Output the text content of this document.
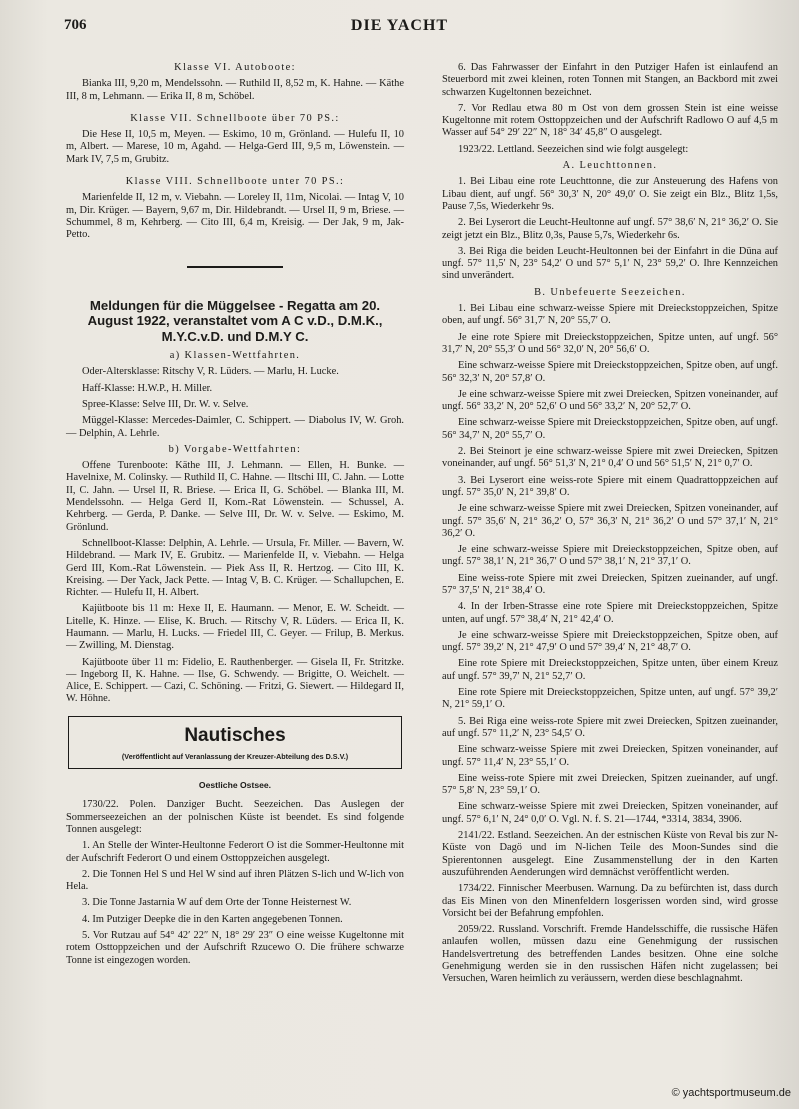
706	DIE YACHT

Klasse VI. Autoboote:

Bianka III, 9,20 m, Mendelssohn. — Ruthild II, 8,52 m, K. Hahne. — Käthe III, 8 m, Lehmann. — Erika II, 8 m, Schöbel.

Klasse VII. Schnellboote über 70 PS.:

Die Hese II, 10,5 m, Meyen. — Eskimo, 10 m, Grönland. — Hulefu II, 10 m, Albert. — Marese, 10 m, Agahd. — Helga-Gerd III, 9,5 m, Löwenstein. — Mark IV, 7,5 m, Grubitz.

Klasse VIII. Schnellboote unter 70 PS.:

Marienfelde II, 12 m, v. Viebahn. — Loreley II, 11m, Nicolai. — Intag V, 10 m, Dir. Krüger. — Bayern, 9,67 m, Dir. Hildebrandt. — Ursel II, 9 m, Briese. — Schummel, 8 m, Kehrberg. — Cito III, 6,4 m, Kreisig. — Der Jak, 9 m, Jak-Petto.

Meldungen für die Müggelsee - Regatta am 20. August 1922, veranstaltet vom A C v.D., D.M.K., M.Y.C.v.D. und D.M.Y C.

a) Klassen-Wettfahrten.

Oder-Altersklasse: Ritschy V, R. Lüders. — Marlu, H. Lucke.

Haff-Klasse: H.W.P., H. Miller.

Spree-Klasse: Selve III, Dr. W. v. Selve.

Müggel-Klasse: Mercedes-Daimler, C. Schippert. — Diabolus IV, W. Groh. — Delphin, A. Lehrle.

b) Vorgabe-Wettfahrten:

Offene Turenboote: Käthe III, J. Lehmann. — Ellen, H. Bunke. — Havelnixe, M. Colinsky. — Ruthild II, C. Hahne. — Iltschi III, C. Jahn. — Lotte II, C. Jahn. — Ursel II, R. Briese. — Erica II, G. Schöbel. — Blanka III, M. Mendelssohn. — Helga Gerd II, Kom.-Rat Löwenstein. — Schussel, A. Kehrberg. — Gerda, P. Danke. — Selve III, Dr. W. v. Selve. — Eskimo, M. Grönlund.

Schnellboot-Klasse: Delphin, A. Lehrle. — Ursula, Fr. Miller. — Bavern, W. Hildebrand. — Mark IV, E. Grubitz. — Marienfelde II, v. Viebahn. — Helga Gerd III, Kom.-Rat Löwenstein. — Piek Ass II, R. Hertzog. — Cito III, K. Kreising. — Der Yack, Jack Pette. — Intag V, B. C. Krüger. — Schallupchen, E. Richter. — Hulefu II, H. Albert.

Kajütboote bis 11 m: Hexe II, E. Haumann. — Menor, E. W. Scheidt. — Litelle, K. Hinze. — Elise, K. Bruch. — Ritschy V, R. Lüders. — Erica II, K. Haumann. — Marlu, H. Lucks. — Friedel III, C. Geyer. — Frilup, B. Merkus. — Zwilling, M. Dienstag.

Kajütboote über 11 m: Fidelio, E. Rauthenberger. — Gisela II, Fr. Stritzke. — Ingeborg II, K. Hahne. — Ilse, G. Schwendy. — Brigitte, O. Weichelt. — Alice, E. Schippert. — Cazi, C. Schöning. — Fritzi, G. Siewert. — Hildegard II, W. Höhne.

Nautisches
(Veröffentlicht auf Veranlassung der Kreuzer-Abteilung des D.S.V.)
Oestliche Ostsee.

1730/22. Polen. Danziger Bucht. Seezeichen. Das Auslegen der Sommerseezeichen an der polnischen Küste ist beendet. Es sind folgende Tonnen ausgelegt:

1. An Stelle der Winter-Heultonne Federort O ist die Sommer-Heultonne mit der Aufschrift Federort O und einem Osttoppzeichen ausgelegt.

2. Die Tonnen Hel S und Hel W sind auf ihren Plätzen S-lich und W-lich von Hela.

3. Die Tonne Jastarnia W auf dem Orte der Tonne Heisternest W.

4. Im Putziger Deepke die in den Karten angegebenen Tonnen.

5. Vor Rutzau auf 54° 42′ 22″ N, 18° 29′ 23″ O eine weisse Kugeltonne mit rotem Osttoppzeichen und der Aufschrift Rzucewo O. Die frühere schwarze Tonne ist eingezogen worden.

6. Das Fahrwasser der Einfahrt in den Putziger Hafen ist einlaufend an Steuerbord mit zwei kleinen, roten Tonnen mit Stangen, an Backbord mit zwei schwarzen Kugeltonnen bezeichnet.

7. Vor Redlau etwa 80 m Ost von dem grossen Stein ist eine weisse Kugeltonne mit rotem Osttoppzeichen und der Aufschrift Radlowo O auf 4,5 m Wasser auf 54° 29′ 22″ N, 18° 34′ 45,8″ O ausgelegt.

1923/22. Lettland. Seezeichen sind wie folgt ausgelegt:

A. Leuchttonnen.

1. Bei Libau eine rote Leuchttonne, die zur Ansteuerung des Hafens von Libau dient, auf ungf. 56° 30,3′ N, 20° 49,0′ O. Sie zeigt ein Blz., Blitz 1,5s, Pause 7,5s, Wiederkehr 9s.

2. Bei Lyserort die Leucht-Heultonne auf ungf. 57° 38,6′ N, 21° 36,2′ O. Sie zeigt jetzt ein Blz., Blitz 0,3s, Pause 5,7s, Wiederkehr 6s.

3. Bei Riga die beiden Leucht-Heultonnen bei der Einfahrt in die Düna auf ungf. 57° 11,5′ N, 23° 54,2′ O und 57° 5,1′ N, 23° 59,2′ O. Ihre Kennzeichen sind unverändert.

B. Unbefeuerte Seezeichen.

1. Bei Libau eine schwarz-weisse Spiere mit Dreieckstoppzeichen, Spitze oben, auf ungf. 56° 31,7′ N, 20° 55,7′ O.

Je eine rote Spiere mit Dreieckstoppzeichen, Spitze unten, auf ungf. 56° 31,7′ N, 20° 55,3′ O und 56° 32,0′ N, 20° 56,6′ O.

Eine schwarz-weisse Spiere mit Dreieckstoppzeichen, Spitze oben, auf ungf. 56° 32,3′ N, 20° 57,8′ O.

Je eine schwarz-weisse Spiere mit zwei Dreiecken, Spitzen voneinander, auf ungf. 56° 33,2′ N, 20° 52,6′ O und 56° 33,2′ N, 20° 52,7′ O.

Eine schwarz-weisse Spiere mit Dreieckstoppzeichen, Spitze oben, auf ungf. 56° 34,7′ N, 20° 55,7′ O.

2. Bei Steinort je eine schwarz-weisse Spiere mit zwei Dreiecken, Spitzen voneinander, auf ungf. 56° 51,3′ N, 21° 0,4′ O und 56° 51,5′ N, 21° 0,7′ O.

3. Bei Lyserort eine weiss-rote Spiere mit einem Quadrattoppzeichen auf ungf. 57° 35,0′ N, 21° 39,8′ O.

Je eine schwarz-weisse Spiere mit zwei Dreiecken, Spitzen voneinander, auf ungf. 57° 35,6′ N, 21° 36,2′ O, 57° 36,3′ N, 21° 36,2′ O und 57° 37,1′ N, 21° 36,2′ O.

Je eine schwarz-weisse Spiere mit Dreieckstoppzeichen, Spitze oben, auf ungf. 57° 38,1′ N, 21° 36,7′ O und 57° 38,1′ N, 21° 37,1′ O.

Eine weiss-rote Spiere mit zwei Dreiecken, Spitzen zueinander, auf ungf. 57° 37,5′ N, 21° 38,4′ O.

4. In der Irben-Strasse eine rote Spiere mit Dreieckstoppzeichen, Spitze unten, auf ungf. 57° 38,4′ N, 21° 42,4′ O.

Je eine schwarz-weisse Spiere mit Dreieckstoppzeichen, Spitze oben, auf ungf. 57° 39,2′ N, 21° 47,9′ O und 57° 39,4′ N, 21° 48,7′ O.

Eine rote Spiere mit Dreieckstoppzeichen, Spitze unten, über einem Kreuz auf ungf. 57° 39,7′ N, 21° 52,7′ O.

Eine rote Spiere mit Dreieckstoppzeichen, Spitze unten, auf ungf. 57° 39,2′ N, 21° 59,1′ O.

5. Bei Riga eine weiss-rote Spiere mit zwei Dreiecken, Spitzen zueinander, auf ungf. 57° 11,2′ N, 23° 54,5′ O.

Eine schwarz-weisse Spiere mit zwei Dreiecken, Spitzen voneinander, auf ungf. 57° 11,4′ N, 23° 55,1′ O.

Eine weiss-rote Spiere mit zwei Dreiecken, Spitzen zueinander, auf ungf. 57° 5,8′ N, 23° 59,1′ O.

Eine schwarz-weisse Spiere mit zwei Dreiecken, Spitzen voneinander, auf ungf. 57° 6,1′ N, 24° 0,0′ O. Vgl. N. f. S. 21—1744, *3314, 3834, 3906.

2141/22. Estland. Seezeichen. An der estnischen Küste von Reval bis zur N-Küste von Dagö und im N-lichen Teile des Moon-Sundes sind die Spierentonnen ausgelegt. Eine Zusammenstellung der in den Karten auszuführenden Aenderungen wird demnächst veröffentlicht werden.

1734/22. Finnischer Meerbusen. Warnung. Da zu befürchten ist, dass durch das Eis Minen von den Minenfeldern losgerissen worden sind, wird grosse Vorsicht bei der Befahrung empfohlen.

2059/22. Russland. Vorschrift. Fremde Handelsschiffe, die russische Häfen anlaufen wollen, müssen dazu eine Genehmigung der russischen Handelsvertretung des betreffenden Landes besitzen. Ohne eine solche Genehmigung werden sie in den russischen Häfen nicht zugelassen; bei Versuchen, Waren heimlich zu veräussern, werden diese beschlagnahmt.

© yachtsportmuseum.de
